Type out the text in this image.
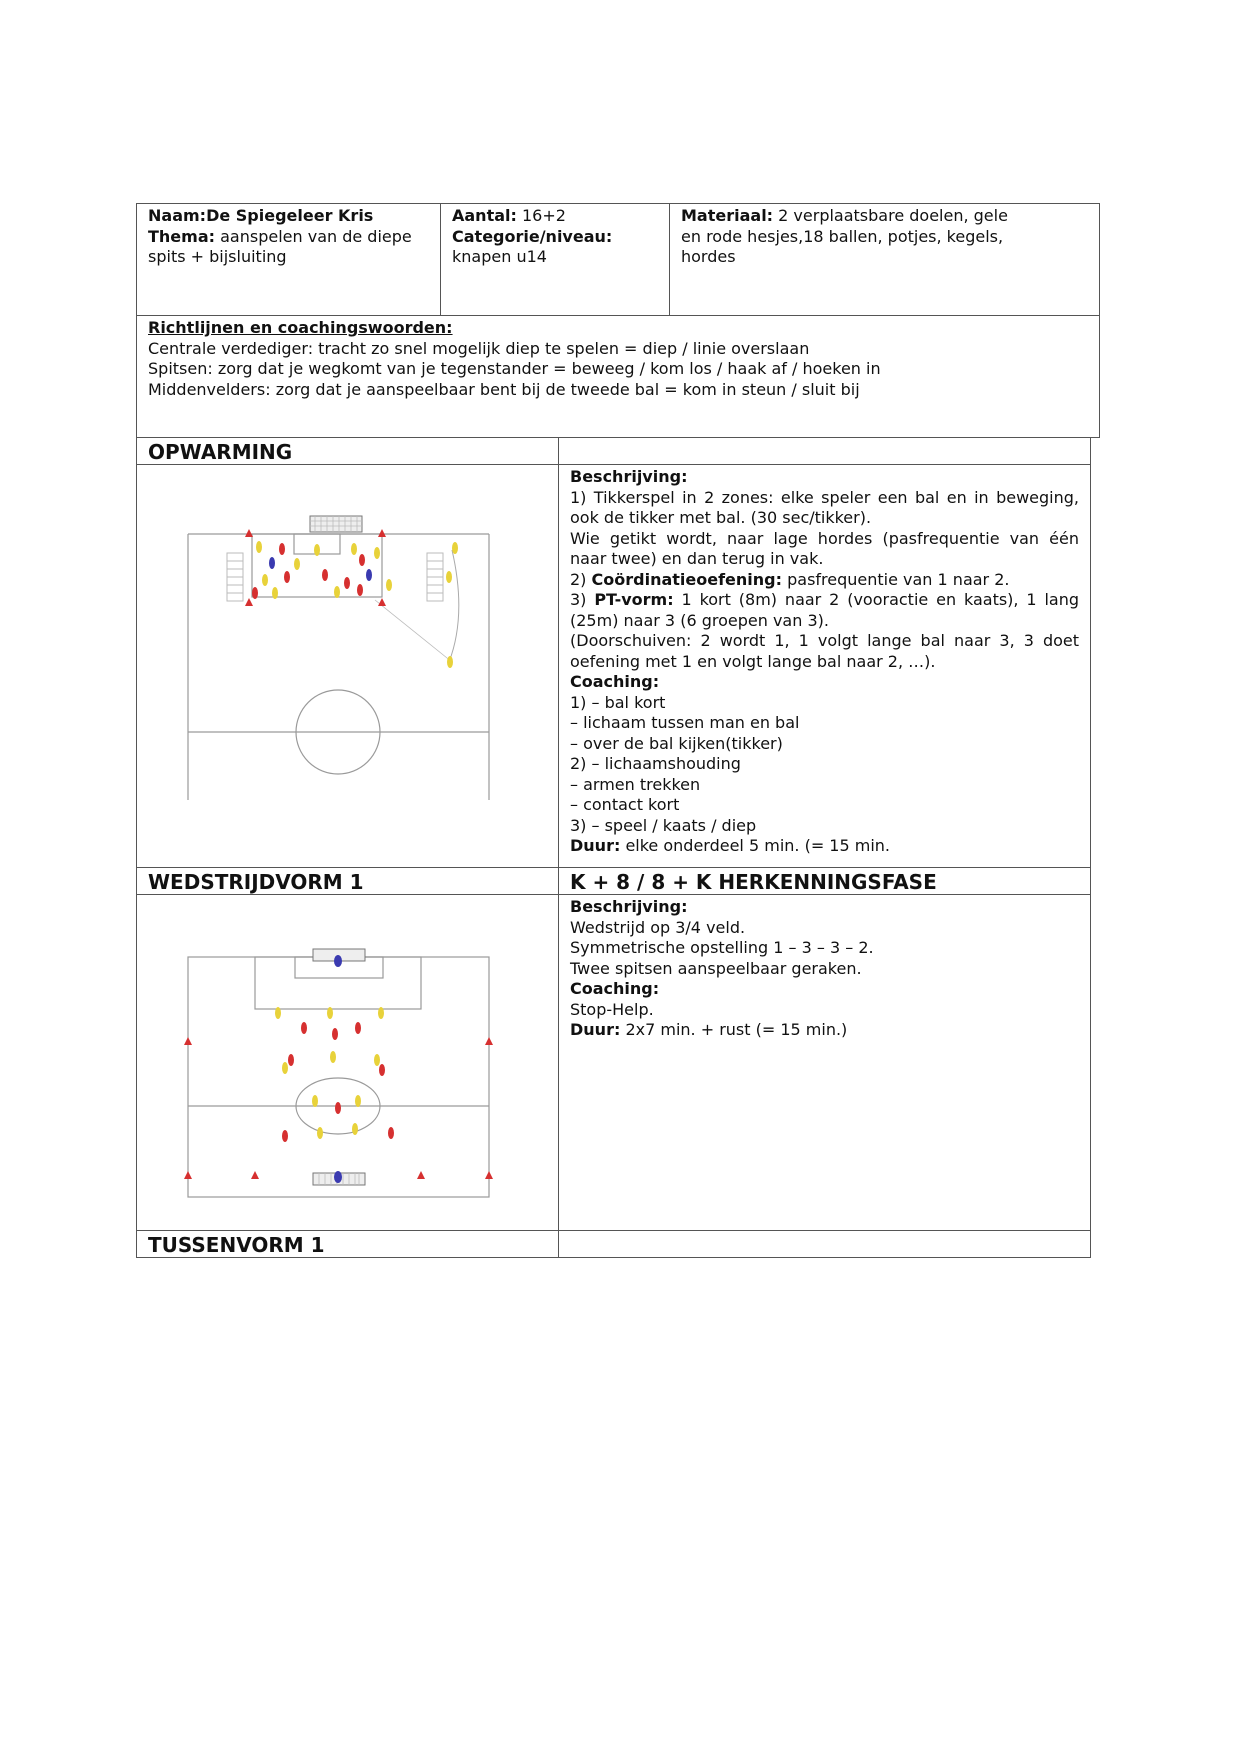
Naam:De Spiegeleer Kris
Thema: aanspelen van de diepe
spits + bijsluiting
Aantal: 16+2
Categorie/niveau:
knapen u14
Materiaal: 2 verplaatsbare doelen, gele
en rode hesjes,18 ballen, potjes, kegels,
hordes
Richtlijnen en coachingswoorden:
Centrale verdediger: tracht zo snel mogelijk diep te spelen = diep / linie overslaan
Spitsen: zorg dat je wegkomt van je tegenstander = beweeg / kom los / haak af / hoeken in
Middenvelders: zorg dat je aanspeelbaar bent bij de tweede bal = kom in steun / sluit bij
OPWARMING
Beschrijving:
1) Tikkerspel in 2 zones: elke speler een bal en in beweging, ook de tikker met bal. (30 sec/tikker).
Wie getikt wordt, naar lage hordes (pasfrequentie van één naar twee) en dan terug in vak.
2) Coördinatieoefening: pasfrequentie van 1 naar 2.
3) PT-vorm: 1 kort (8m) naar 2 (vooractie en kaats), 1 lang (25m) naar 3 (6 groepen van 3).
(Doorschuiven: 2 wordt 1, 1 volgt lange bal naar 3, 3 doet oefening met 1 en volgt lange bal naar 2, …).
Coaching:
1) – bal kort
– lichaam tussen man en bal
– over de bal kijken(tikker)
2) – lichaamshouding
– armen trekken
– contact kort
3) – speel / kaats / diep
Duur: elke onderdeel 5 min. (= 15 min.
WEDSTRIJDVORM 1	K + 8 / 8 + K HERKENNINGSFASE
Beschrijving:
Wedstrijd op 3/4 veld.
Symmetrische opstelling 1 – 3 – 3 – 2.
Twee spitsen aanspeelbaar geraken.
Coaching:
Stop-Help.
Duur: 2x7 min. + rust (= 15 min.)
TUSSENVORM 1
